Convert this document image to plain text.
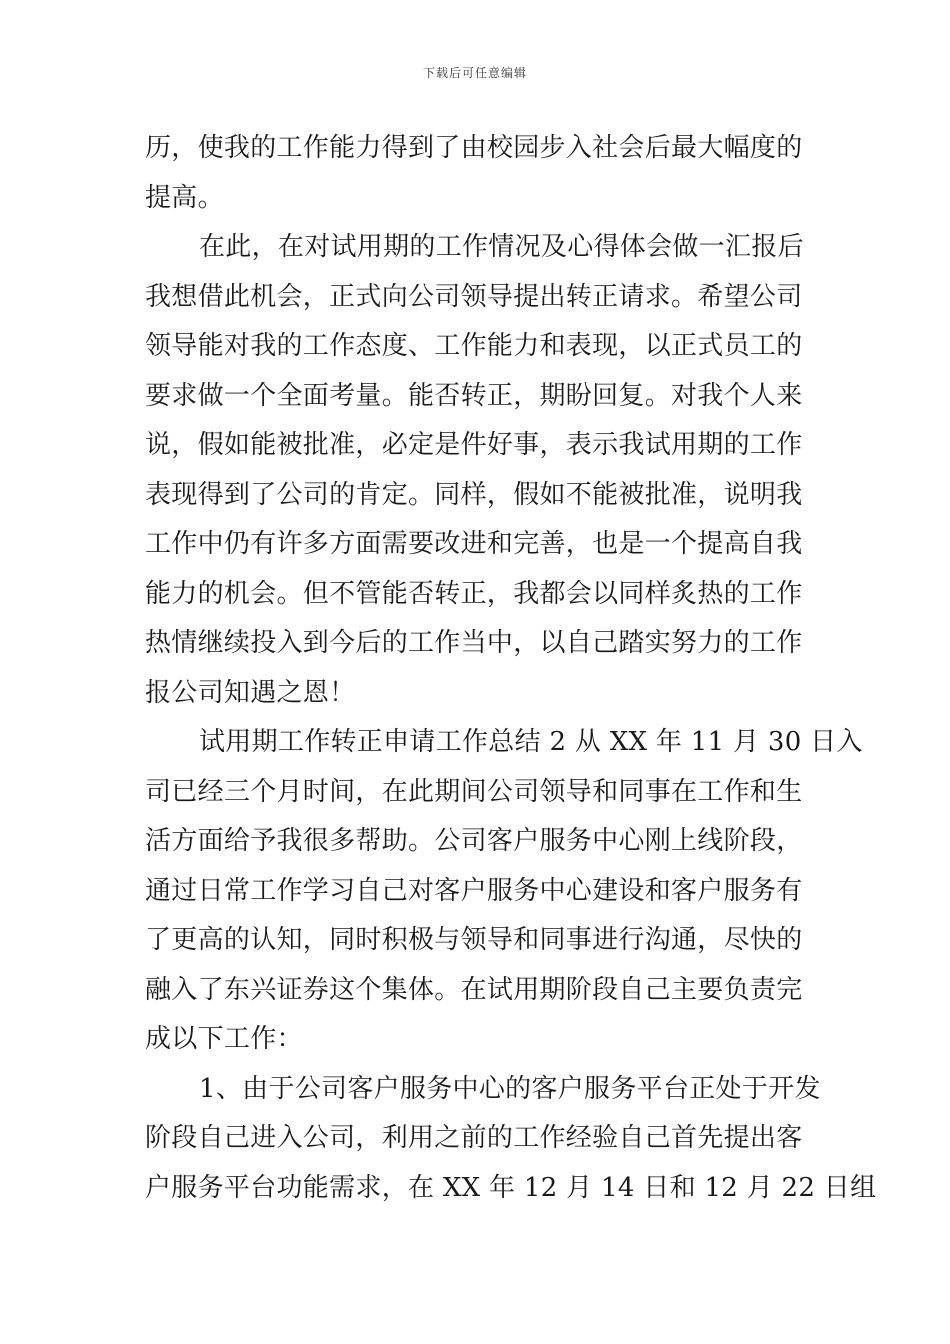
下载后可任意编辑
历，使我的工作能力得到了由校园步入社会后最大幅度的
提高。
在此，在对试用期的工作情况及心得体会做一汇报后
我想借此机会，正式向公司领导提出转正请求。希望公司
领导能对我的工作态度、工作能力和表现，以正式员工的
要求做一个全面考量。能否转正，期盼回复。对我个人来
说，假如能被批准，必定是件好事，表示我试用期的工作
表现得到了公司的肯定。同样，假如不能被批准，说明我
工作中仍有许多方面需要改进和完善，也是一个提高自我
能力的机会。但不管能否转正，我都会以同样炙热的工作
热情继续投入到今后的工作当中，以自己踏实努力的工作
报公司知遇之恩！
试用期工作转正申请工作总结 2 从 XX 年 11 月 30 日入
司已经三个月时间，在此期间公司领导和同事在工作和生
活方面给予我很多帮助。公司客户服务中心刚上线阶段，
通过日常工作学习自己对客户服务中心建设和客户服务有
了更高的认知，同时积极与领导和同事进行沟通，尽快的
融入了东兴证券这个集体。在试用期阶段自己主要负责完
成以下工作：
1、由于公司客户服务中心的客户服务平台正处于开发
阶段自己进入公司，利用之前的工作经验自己首先提出客
户服务平台功能需求，在 XX 年 12 月 14 日和 12 月 22 日组
